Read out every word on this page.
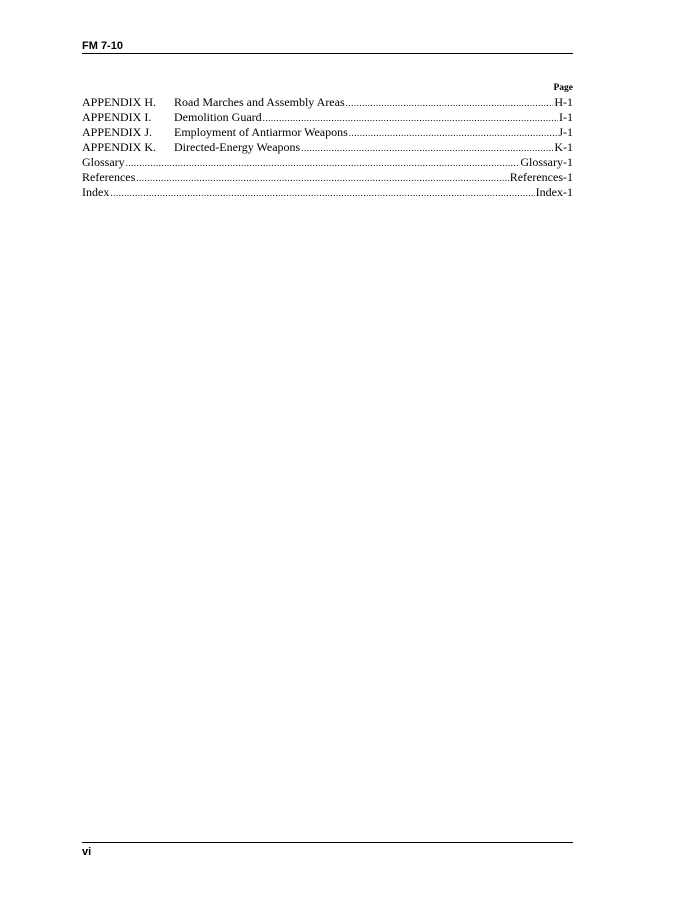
FM 7-10
Page
APPENDIX H.	Road Marches and Assembly Areas .....	H-1
APPENDIX I.	Demolition Guard .....	I-1
APPENDIX J.	Employment of Antiarmor Weapons .....	J-1
APPENDIX K.	Directed-Energy Weapons .....	K-1
Glossary .....	Glossary-1
References .....	References-1
Index .....	Index-1
vi
